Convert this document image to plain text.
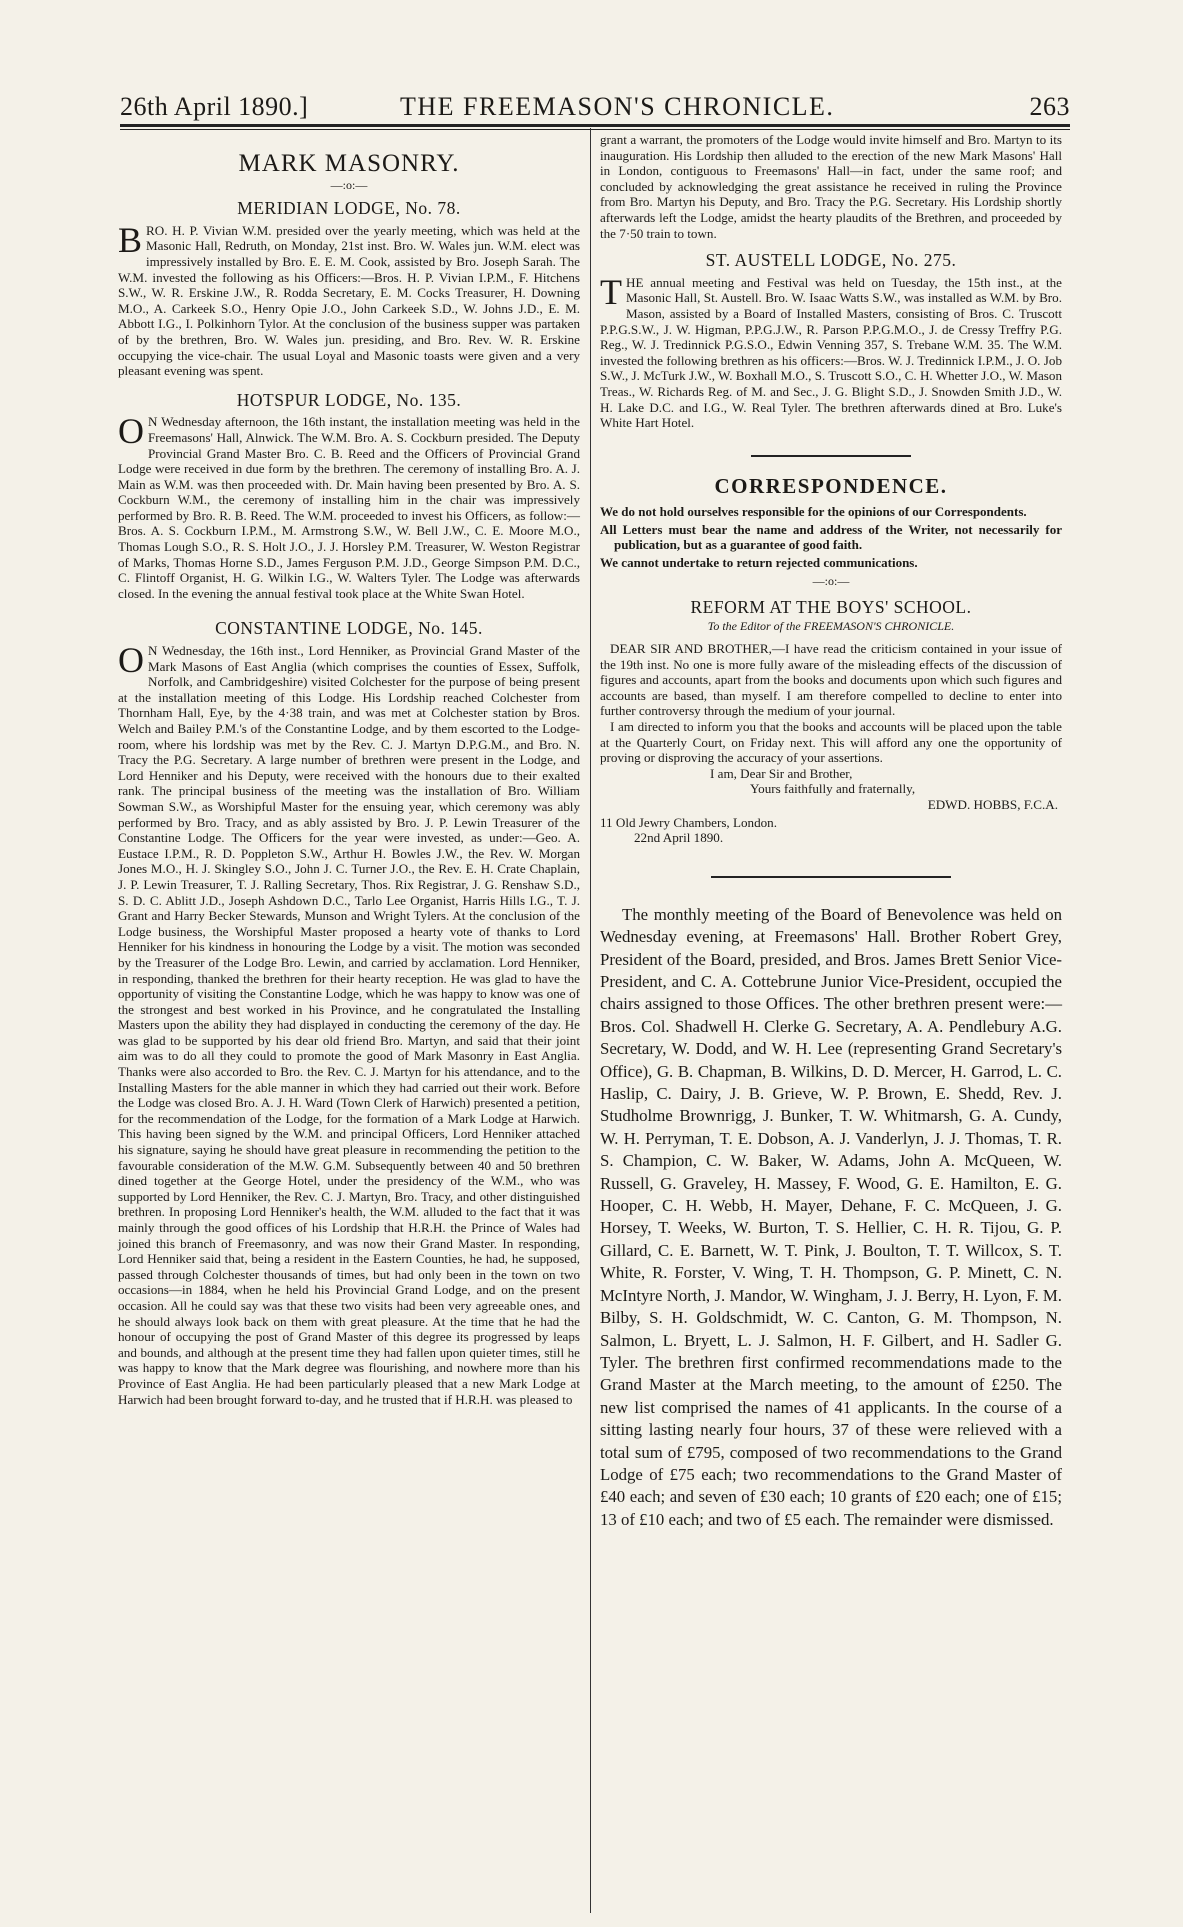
26th April 1890.]	THE FREEMASON'S CHRONICLE.	263
MARK MASONRY.
—:o:—
MERIDIAN LODGE, No. 78.

BRO. H. P. Vivian W.M. presided over the yearly meeting, which was held at the Masonic Hall, Redruth, on Monday, 21st inst. Bro. W. Wales jun. W.M. elect was impressively installed by Bro. E. E. M. Cook, assisted by Bro. Joseph Sarah. The W.M. invested the following as his Officers:—Bros. H. P. Vivian I.P.M., F. Hitchens S.W., W. R. Erskine J.W., R. Rodda Secretary, E. M. Cocks Treasurer, H. Downing M.O., A. Carkeek S.O., Henry Opie J.O., John Carkeek S.D., W. Johns J.D., E. M. Abbott I.G., I. Polkinhorn Tylor. At the conclusion of the business supper was partaken of by the brethren, Bro. W. Wales jun. presiding, and Bro. Rev. W. R. Erskine occupying the vice-chair. The usual Loyal and Masonic toasts were given and a very pleasant evening was spent.

HOTSPUR LODGE, No. 135.

O N Wednesday afternoon, the 16th instant, the installation meeting was held in the Freemasons' Hall, Alnwick. The W.M. Bro. A. S. Cockburn presided. The Deputy Provincial Grand Master Bro. C. B. Reed and the Officers of Provincial Grand Lodge were received in due form by the brethren. The ceremony of installing Bro. A. J. Main as W.M. was then proceeded with. Dr. Main having been presented by Bro. A. S. Cockburn W.M., the ceremony of installing him in the chair was impressively performed by Bro. R. B. Reed. The W.M. proceeded to invest his Officers, as follow:—Bros. A. S. Cockburn I.P.M., M. Armstrong S.W., W. Bell J.W., C. E. Moore M.O., Thomas Lough S.O., R. S. Holt J.O., J. J. Horsley P.M. Treasurer, W. Weston Registrar of Marks, Thomas Horne S.D., James Ferguson P.M. J.D., George Simpson P.M. D.C., C. Flintoff Organist, H. G. Wilkin I.G., W. Walters Tyler. The Lodge was afterwards closed. In the evening the annual festival took place at the White Swan Hotel.

CONSTANTINE LODGE, No. 145.

O N Wednesday, the 16th inst., Lord Henniker, as Provincial Grand Master of the Mark Masons of East Anglia (which comprises the counties of Essex, Suffolk, Norfolk, and Cambridgeshire) visited Colchester for the purpose of being present at the installation meeting of this Lodge. His Lordship reached Colchester from Thornham Hall, Eye, by the 4·38 train, and was met at Colchester station by Bros. Welch and Bailey P.M.'s of the Constantine Lodge, and by them escorted to the Lodge-room, where his lordship was met by the Rev. C. J. Martyn D.P.G.M., and Bro. N. Tracy the P.G. Secretary. A large number of brethren were present in the Lodge, and Lord Henniker and his Deputy, were received with the honours due to their exalted rank. The principal business of the meeting was the installation of Bro. William Sowman S.W., as Worshipful Master for the ensuing year, which ceremony was ably performed by Bro. Tracy, and as ably assisted by Bro. J. P. Lewin Treasurer of the Constantine Lodge. The Officers for the year were invested, as under:—Geo. A. Eustace I.P.M., R. D. Poppleton S.W., Arthur H. Bowles J.W., the Rev. W. Morgan Jones M.O., H. J. Skingley S.O., John J. C. Turner J.O., the Rev. E. H. Crate Chaplain, J. P. Lewin Treasurer, T. J. Ralling Secretary, Thos. Rix Registrar, J. G. Renshaw S.D., S. D. C. Ablitt J.D., Joseph Ashdown D.C., Tarlo Lee Organist, Harris Hills I.G., T. J. Grant and Harry Becker Stewards, Munson and Wright Tylers. At the conclusion of the Lodge business, the Worshipful Master proposed a hearty vote of thanks to Lord Henniker for his kindness in honouring the Lodge by a visit. The motion was seconded by the Treasurer of the Lodge Bro. Lewin, and carried by acclamation. Lord Henniker, in responding, thanked the brethren for their hearty reception. He was glad to have the opportunity of visiting the Constantine Lodge, which he was happy to know was one of the strongest and best worked in his Province, and he congratulated the Installing Masters upon the ability they had displayed in conducting the ceremony of the day. He was glad to be supported by his dear old friend Bro. Martyn, and said that their joint aim was to do all they could to promote the good of Mark Masonry in East Anglia. Thanks were also accorded to Bro. the Rev. C. J. Martyn for his attendance, and to the Installing Masters for the able manner in which they had carried out their work. Before the Lodge was closed Bro. A. J. H. Ward (Town Clerk of Harwich) presented a petition, for the recommendation of the Lodge, for the formation of a Mark Lodge at Harwich. This having been signed by the W.M. and principal Officers, Lord Henniker attached his signature, saying he should have great pleasure in recommending the petition to the favourable consideration of the M.W. G.M. Subsequently between 40 and 50 brethren dined together at the George Hotel, under the presidency of the W.M., who was supported by Lord Henniker, the Rev. C. J. Martyn, Bro. Tracy, and other distinguished brethren. In proposing Lord Henniker's health, the W.M. alluded to the fact that it was mainly through the good offices of his Lordship that H.R.H. the Prince of Wales had joined this branch of Freemasonry, and was now their Grand Master. In responding, Lord Henniker said that, being a resident in the Eastern Counties, he had, he supposed, passed through Colchester thousands of times, but had only been in the town on two occasions—in 1884, when he held his Provincial Grand Lodge, and on the present occasion. All he could say was that these two visits had been very agreeable ones, and he should always look back on them with great pleasure. At the time that he had the honour of occupying the post of Grand Master of this degree its progressed by leaps and bounds, and although at the present time they had fallen upon quieter times, still he was happy to know that the Mark degree was flourishing, and nowhere more than his Province of East Anglia. He had been particularly pleased that a new Mark Lodge at Harwich had been brought forward to-day, and he trusted that if H.R.H. was pleased to

grant a warrant, the promoters of the Lodge would invite himself and Bro. Martyn to its inauguration. His Lordship then alluded to the erection of the new Mark Masons' Hall in London, contiguous to Freemasons' Hall—in fact, under the same roof; and concluded by acknowledging the great assistance he received in ruling the Province from Bro. Martyn his Deputy, and Bro. Tracy the P.G. Secretary. His Lordship shortly afterwards left the Lodge, amidst the hearty plaudits of the Brethren, and proceeded by the 7·50 train to town.

ST. AUSTELL LODGE, No. 275.

THE annual meeting and Festival was held on Tuesday, the 15th inst., at the Masonic Hall, St. Austell. Bro. W. Isaac Watts S.W., was installed as W.M. by Bro. Mason, assisted by a Board of Installed Masters, consisting of Bros. C. Truscott P.P.G.S.W., J. W. Higman, P.P.G.J.W., R. Parson P.P.G.M.O., J. de Cressy Treffry P.G. Reg., W. J. Tredinnick P.G.S.O., Edwin Venning 357, S. Trebane W.M. 35. The W.M. invested the following brethren as his officers:—Bros. W. J. Tredinnick I.P.M., J. O. Job S.W., J. McTurk J.W., W. Boxhall M.O., S. Truscott S.O., C. H. Whetter J.O., W. Mason Treas., W. Richards Reg. of M. and Sec., J. G. Blight S.D., J. Snowden Smith J.D., W. H. Lake D.C. and I.G., W. Real Tyler. The brethren afterwards dined at Bro. Luke's White Hart Hotel.

CORRESPONDENCE.

We do not hold ourselves responsible for the opinions of our Correspondents.

All Letters must bear the name and address of the Writer, not necessarily for publication, but as a guarantee of good faith.

We cannot undertake to return rejected communications.

—:o:—
REFORM AT THE BOYS' SCHOOL.
To the Editor of the FREEMASON'S CHRONICLE.

DEAR SIR AND BROTHER,—I have read the criticism contained in your issue of the 19th inst. No one is more fully aware of the misleading effects of the discussion of figures and accounts, apart from the books and documents upon which such figures and accounts are based, than myself. I am therefore compelled to decline to enter into further controversy through the medium of your journal.

I am directed to inform you that the books and accounts will be placed upon the table at the Quarterly Court, on Friday next. This will afford any one the opportunity of proving or disproving the accuracy of your assertions.

I am, Dear Sir and Brother,

Yours faithfully and fraternally,

EDWD. HOBBS, F.C.A.

11 Old Jewry Chambers, London.

22nd April 1890.

The monthly meeting of the Board of Benevolence was held on Wednesday evening, at Freemasons' Hall. Brother Robert Grey, President of the Board, presided, and Bros. James Brett Senior Vice-President, and C. A. Cottebrune Junior Vice-President, occupied the chairs assigned to those Offices. The other brethren present were:—Bros. Col. Shadwell H. Clerke G. Secretary, A. A. Pendlebury A.G. Secretary, W. Dodd, and W. H. Lee (representing Grand Secretary's Office), G. B. Chapman, B. Wilkins, D. D. Mercer, H. Garrod, L. C. Haslip, C. Dairy, J. B. Grieve, W. P. Brown, E. Shedd, Rev. J. Studholme Brownrigg, J. Bunker, T. W. Whitmarsh, G. A. Cundy, W. H. Perryman, T. E. Dobson, A. J. Vanderlyn, J. J. Thomas, T. R. S. Champion, C. W. Baker, W. Adams, John A. McQueen, W. Russell, G. Graveley, H. Massey, F. Wood, G. E. Hamilton, E. G. Hooper, C. H. Webb, H. Mayer, Dehane, F. C. McQueen, J. G. Horsey, T. Weeks, W. Burton, T. S. Hellier, C. H. R. Tijou, G. P. Gillard, C. E. Barnett, W. T. Pink, J. Boulton, T. T. Willcox, S. T. White, R. Forster, V. Wing, T. H. Thompson, G. P. Minett, C. N. McIntyre North, J. Mandor, W. Wingham, J. J. Berry, H. Lyon, F. M. Bilby, S. H. Goldschmidt, W. C. Canton, G. M. Thompson, N. Salmon, L. Bryett, L. J. Salmon, H. F. Gilbert, and H. Sadler G. Tyler. The brethren first confirmed recommendations made to the Grand Master at the March meeting, to the amount of £250. The new list comprised the names of 41 applicants. In the course of a sitting lasting nearly four hours, 37 of these were relieved with a total sum of £795, composed of two recommendations to the Grand Lodge of £75 each; two recommendations to the Grand Master of £40 each; and seven of £30 each; 10 grants of £20 each; one of £15; 13 of £10 each; and two of £5 each. The remainder were dismissed.
